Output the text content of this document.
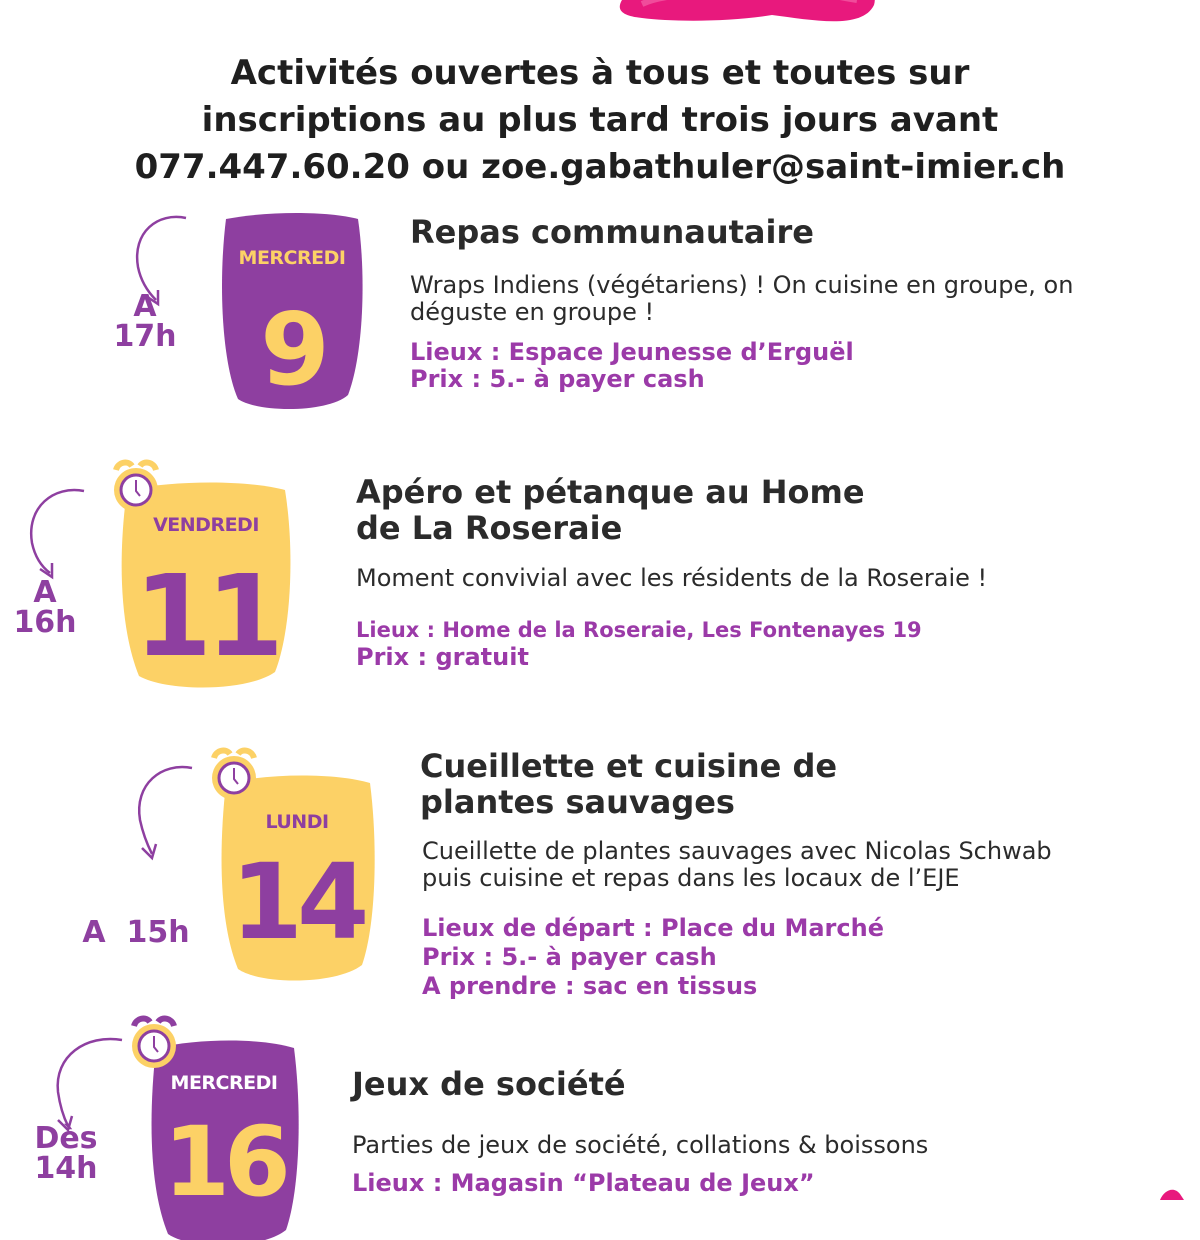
Activités ouvertes à tous et toutes sur
inscriptions au plus tard trois jours avant
077.447.60.20 ou zoe.gabathuler@saint-imier.ch
A
17h
MERCREDI
9
Repas communautaire
Wraps Indiens (végétariens) ! On cuisine en groupe, on
déguste en groupe !
Lieux : Espace Jeunesse d’Erguël
Prix : 5.- à payer cash
A
16h
VENDREDI
11
Apéro et pétanque au Home
de La Roseraie
Moment convivial avec les résidents de la Roseraie !
Lieux : Home de la Roseraie, Les Fontenayes 19
Prix : gratuit
A  15h
LUNDI
14
Cueillette et cuisine de
plantes sauvages
Cueillette de plantes sauvages avec Nicolas Schwab
puis cuisine et repas dans les locaux de l’EJE
Lieux de départ : Place du Marché
Prix : 5.- à payer cash
A prendre : sac en tissus
Dès
14h
MERCREDI
16
Jeux de société
Parties de jeux de société, collations & boissons
Lieux : Magasin “Plateau de Jeux”
